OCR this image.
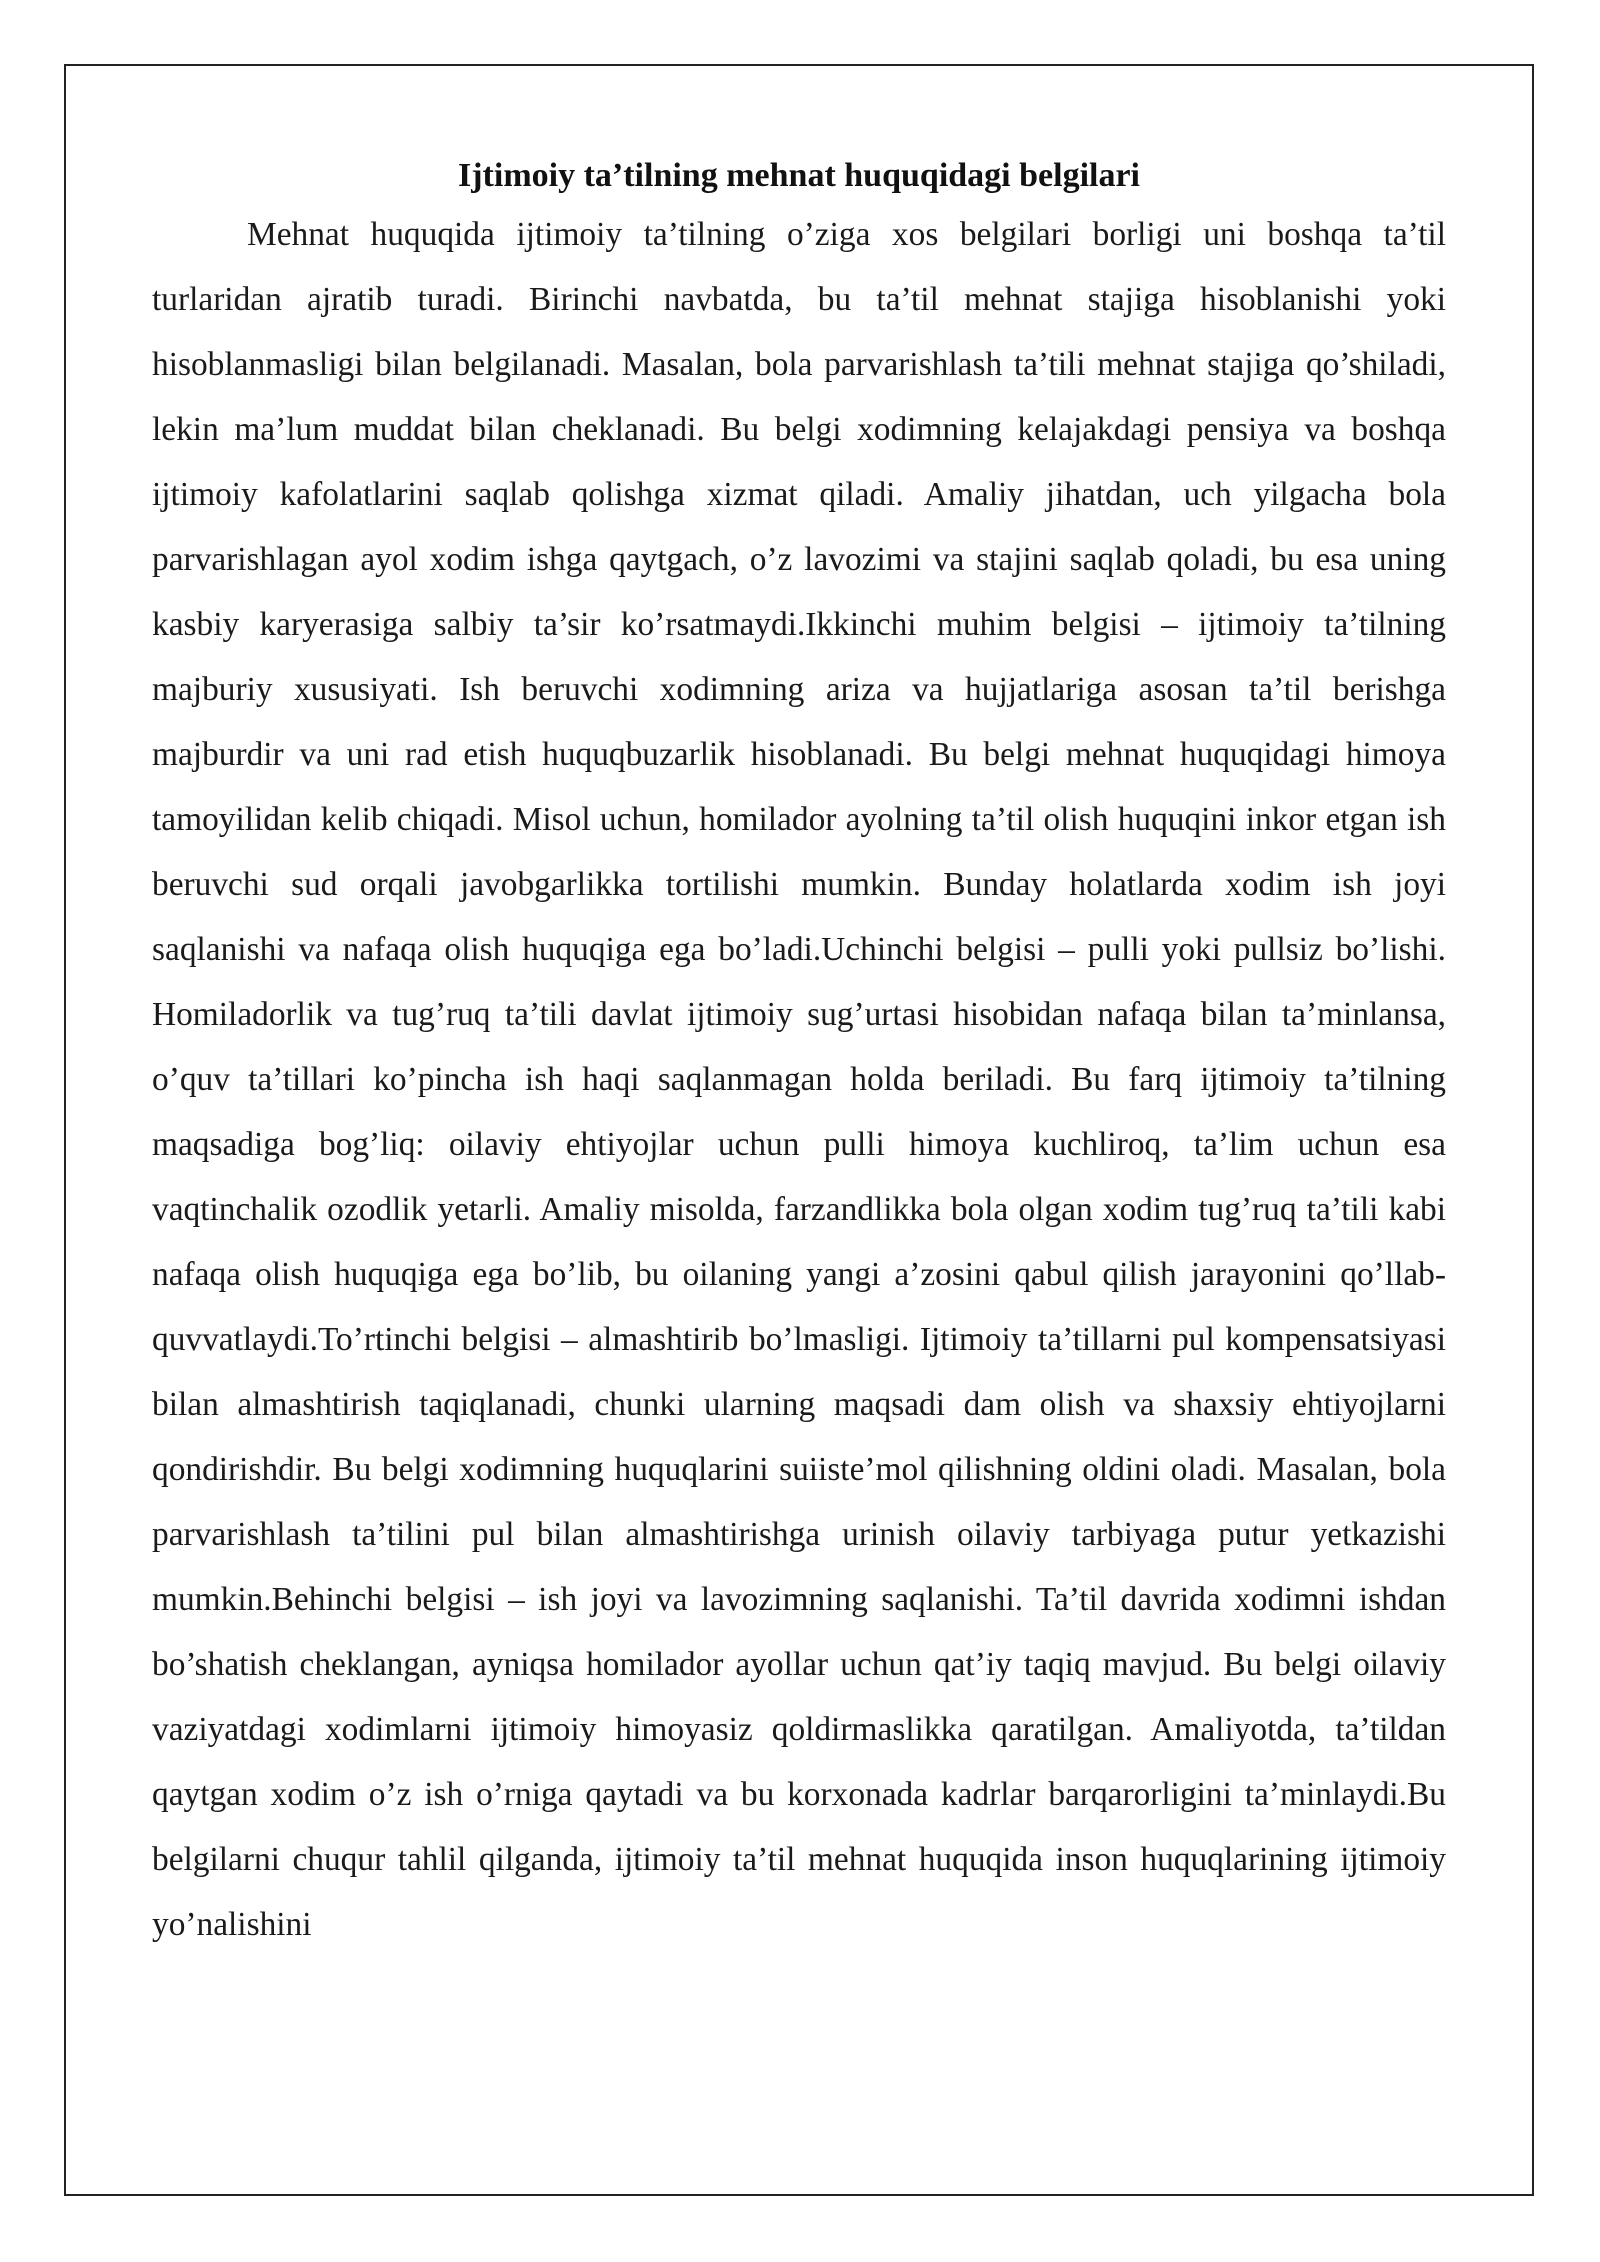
Ijtimoiy ta’tilning mehnat huquqidagi belgilari

Mehnat huquqida ijtimoiy ta’tilning o’ziga xos belgilari borligi uni boshqa ta’til turlaridan ajratib turadi. Birinchi navbatda, bu ta’til mehnat stajiga hisoblanishi yoki hisoblanmasligi bilan belgilanadi. Masalan, bola parvarishlash ta’tili mehnat stajiga qo’shiladi, lekin ma’lum muddat bilan cheklanadi. Bu belgi xodimning kelajakdagi pensiya va boshqa ijtimoiy kafolatlarini saqlab qolishga xizmat qiladi. Amaliy jihatdan, uch yilgacha bola parvarishlagan ayol xodim ishga qaytgach, o’z lavozimi va stajini saqlab qoladi, bu esa uning kasbiy karyerasiga salbiy ta’sir ko’rsatmaydi.Ikkinchi muhim belgisi – ijtimoiy ta’tilning majburiy xususiyati. Ish beruvchi xodimning ariza va hujjatlariga asosan ta’til berishga majburdir va uni rad etish huquqbuzarlik hisoblanadi. Bu belgi mehnat huquqidagi himoya tamoyilidan kelib chiqadi. Misol uchun, homilador ayolning ta’til olish huquqini inkor etgan ish beruvchi sud orqali javobgarlikka tortilishi mumkin. Bunday holatlarda xodim ish joyi saqlanishi va nafaqa olish huquqiga ega bo’ladi.Uchinchi belgisi – pulli yoki pullsiz bo’lishi. Homiladorlik va tug’ruq ta’tili davlat ijtimoiy sug’urtasi hisobidan nafaqa bilan ta’minlansa, o’quv ta’tillari ko’pincha ish haqi saqlanmagan holda beriladi. Bu farq ijtimoiy ta’tilning maqsadiga bog’liq: oilaviy ehtiyojlar uchun pulli himoya kuchliroq, ta’lim uchun esa vaqtinchalik ozodlik yetarli. Amaliy misolda, farzandlikka bola olgan xodim tug’ruq ta’tili kabi nafaqa olish huquqiga ega bo’lib, bu oilaning yangi a’zosini qabul qilish jarayonini qo’llab-quvvatlaydi.To’rtinchi belgisi – almashtirib bo’lmasligi. Ijtimoiy ta’tillarni pul kompensatsiyasi bilan almashtirish taqiqlanadi, chunki ularning maqsadi dam olish va shaxsiy ehtiyojlarni qondirishdir. Bu belgi xodimning huquqlarini suiiste’mol qilishning oldini oladi. Masalan, bola parvarishlash ta’tilini pul bilan almashtirishga urinish oilaviy tarbiyaga putur yetkazishi mumkin.Behinchi belgisi – ish joyi va lavozimning saqlanishi. Ta’til davrida xodimni ishdan bo’shatish cheklangan, ayniqsa homilador ayollar uchun qat’iy taqiq mavjud. Bu belgi oilaviy vaziyatdagi xodimlarni ijtimoiy himoyasiz qoldirmaslikka qaratilgan. Amaliyotda, ta’tildan qaytgan xodim o’z ish o’rniga qaytadi va bu korxonada kadrlar barqarorligini ta’minlaydi.Bu belgilarni chuqur tahlil qilganda, ijtimoiy ta’til mehnat huquqida inson huquqlarining ijtimoiy yo’nalishini
